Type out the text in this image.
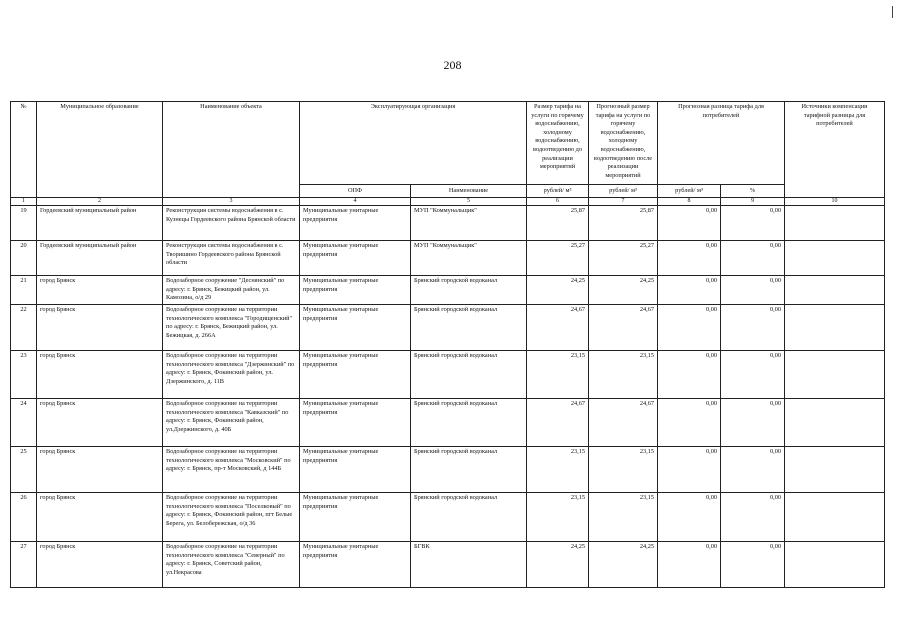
208
№	Муниципальное образование	Наименование объекта	Эксплуатирующая организация		Размер тарифа на услуги по горячему водоснабжению, холодному водоснабжению, водоотведению до реализации мероприятий	Прогнозный размер тарифа на услуги по горячему водоснабжению, холодному водоснабжению, водоотведению после реализации мероприятий	Прогнозная разница тарифа для потребителей		Источники компенсации тарифной разницы для потребителей
			ОПФ	Наименование	рублей/ м³	рублей/ м³	рублей/ м³	%	
1	2	3	4	5	6	7	8	9	10
19	Гордеевский муниципальный район	Реконструкция системы водоснабжения в с. Кузнецы Гордеевского района Брянской области	Муниципальные унитарные предприятия	МУП "Коммунальщик"	25,87	25,87	0,00	0,00	
20	Гордеевский муниципальный район	Реконструкция системы водоснабжения в с. Творишино Гордеевского района Брянской области	Муниципальные унитарные предприятия	МУП "Коммунальщик"	25,27	25,27	0,00	0,00	
21	город Брянск	Водозаборное сооружение "Деснянский" по адресу: г. Брянск, Бежицкий район, ул. Камозина, о/д 29	Муниципальные унитарные предприятия	Брянский городской водоканал	24,25	24,25	0,00	0,00	
22	город Брянск	Водозаборное сооружение на территории технологического комплекса "Городищенский" по адресу: г. Брянск, Бежицкий район, ул. Бежицкая, д. 266А	Муниципальные унитарные предприятия	Брянский городской водоканал	24,67	24,67	0,00	0,00	
23	город Брянск	Водозаборное сооружение на территории технологического комплекса "Дзержинский" по адресу: г. Брянск, Фокинский район, ул. Дзержинского, д. 11В	Муниципальные унитарные предприятия	Брянский городской водоканал	23,15	23,15	0,00	0,00	
24	город Брянск	Водозаборное сооружение на территории технологического комплекса "Кавказский" по адресу: г. Брянск, Фокинский район, ул.Дзержинского, д. 40Б	Муниципальные унитарные предприятия	Брянский городской водоканал	24,67	24,67	0,00	0,00	
25	город Брянск	Водозаборное сооружение на территории технологического комплекса "Московский" по адресу: г. Брянск, пр-т Московский, д 144Б	Муниципальные унитарные предприятия	Брянский городской водоканал	23,15	23,15	0,00	0,00	
26	город Брянск	Водозаборное сооружение на территории технологического комплекса "Поселковый" по адресу: г. Брянск, Фокинский район, пгт Белые Берега, ул. Белобережская, о/д 36	Муниципальные унитарные предприятия	Брянский городской водоканал	23,15	23,15	0,00	0,00	
27	город Брянск	Водозаборное сооружение на территории технологического комплекса "Северный" по адресу: г. Брянск, Советский район, ул.Некрасова	Муниципальные унитарные предприятия	БГВК	24,25	24,25	0,00	0,00	
